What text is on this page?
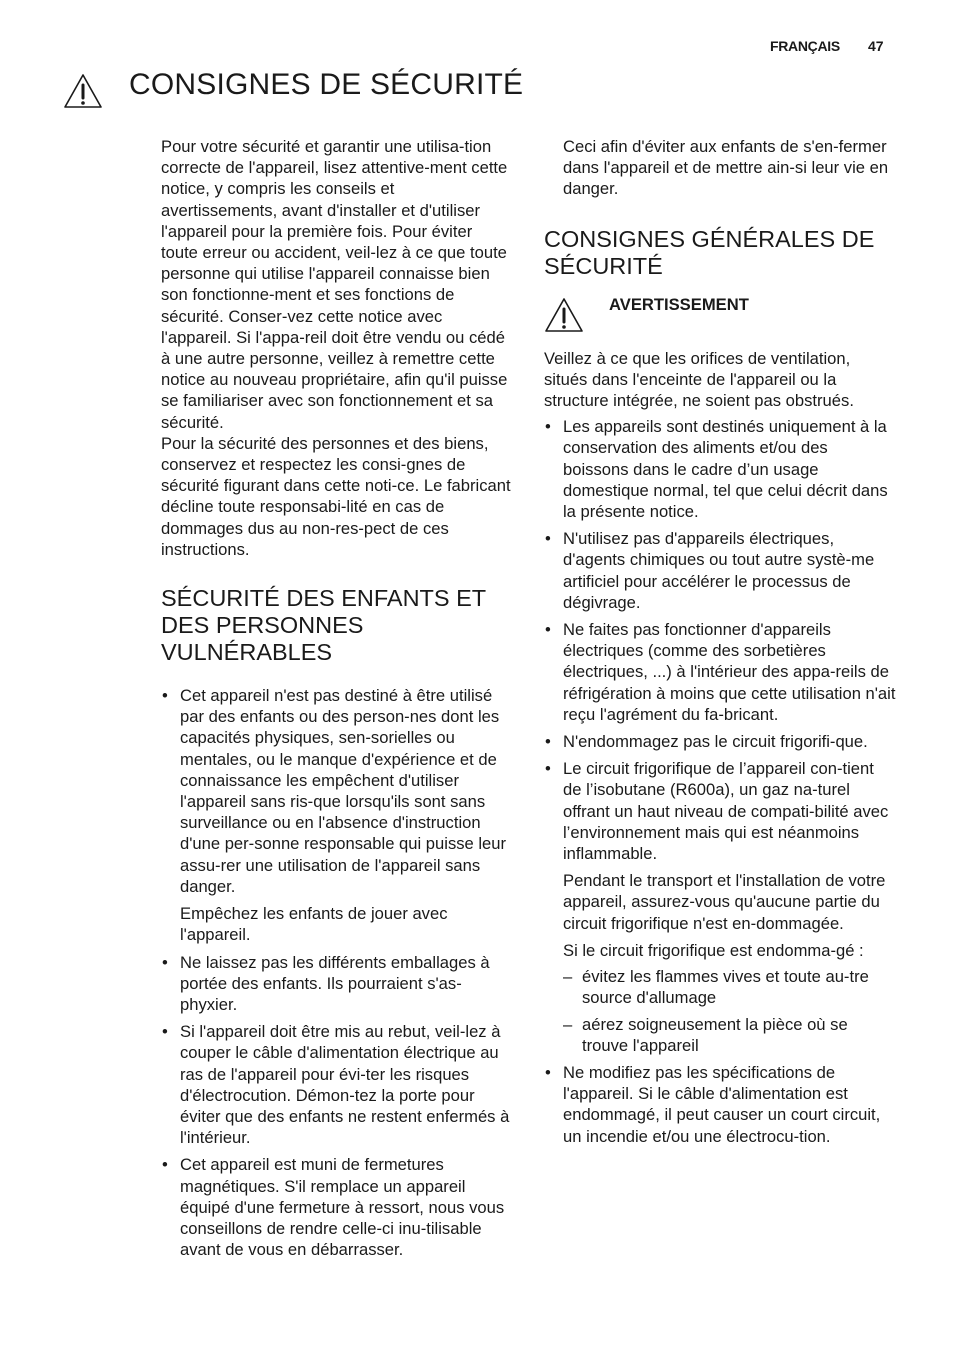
FRANÇAIS 47
CONSIGNES DE SÉCURITÉ

Pour votre sécurité et garantir une utilisa-tion correcte de l'appareil, lisez attentive-ment cette notice, y compris les conseils et avertissements, avant d'installer et d'utiliser l'appareil pour la première fois. Pour éviter toute erreur ou accident, veil-lez à ce que toute personne qui utilise l'appareil connaisse bien son fonctionne-ment et ses fonctions de sécurité. Conser-vez cette notice avec l'appareil. Si l'appa-reil doit être vendu ou cédé à une autre personne, veillez à remettre cette notice au nouveau propriétaire, afin qu'il puisse se familiariser avec son fonctionnement et sa sécurité.

Pour la sécurité des personnes et des biens, conservez et respectez les consi-gnes de sécurité figurant dans cette noti-ce. Le fabricant décline toute responsabi-lité en cas de dommages dus au non-res-pect de ces instructions.

SÉCURITÉ DES ENFANTS ET DES PERSONNES VULNÉRABLES

• Cet appareil n'est pas destiné à être utilisé par des enfants ou des person-nes dont les capacités physiques, sen-sorielles ou mentales, ou le manque d'expérience et de connaissance les empêchent d'utiliser l'appareil sans ris-que lorsqu'ils sont sans surveillance ou en l'absence d'instruction d'une per-sonne responsable qui puisse leur assu-rer une utilisation de l'appareil sans danger.

Empêchez les enfants de jouer avec l'appareil.

• Ne laissez pas les différents emballages à portée des enfants. Ils pourraient s'as-phyxier.

• Si l'appareil doit être mis au rebut, veil-lez à couper le câble d'alimentation électrique au ras de l'appareil pour évi-ter les risques d'électrocution. Démon-tez la porte pour éviter que des enfants ne restent enfermés à l'intérieur.

• Cet appareil est muni de fermetures magnétiques. S'il remplace un appareil équipé d'une fermeture à ressort, nous vous conseillons de rendre celle-ci inu-tilisable avant de vous en débarrasser.

Ceci afin d'éviter aux enfants de s'en-fermer dans l'appareil et de mettre ain-si leur vie en danger.

CONSIGNES GÉNÉRALES DE SÉCURITÉ
AVERTISSEMENT

Veillez à ce que les orifices de ventilation, situés dans l'enceinte de l'appareil ou la structure intégrée, ne soient pas obstrués.

• Les appareils sont destinés uniquement à la conservation des aliments et/ou des boissons dans le cadre d’un usage domestique normal, tel que celui décrit dans la présente notice.

• N'utilisez pas d'appareils électriques, d'agents chimiques ou tout autre systè-me artificiel pour accélérer le processus de dégivrage.

• Ne faites pas fonctionner d'appareils électriques (comme des sorbetières électriques, ...) à l'intérieur des appa-reils de réfrigération à moins que cette utilisation n'ait reçu l'agrément du fa-bricant.

• N'endommagez pas le circuit frigorifi-que.

• Le circuit frigorifique de l’appareil con-tient de l’isobutane (R600a), un gaz na-turel offrant un haut niveau de compati-bilité avec l’environnement mais qui est néanmoins inflammable.

Pendant le transport et l'installation de votre appareil, assurez-vous qu'aucune partie du circuit frigorifique n'est en-dommagée.

Si le circuit frigorifique est endomma-gé :

– évitez les flammes vives et toute au-tre source d'allumage
– aérez soigneusement la pièce où se trouve l'appareil

• Ne modifiez pas les spécifications de l'appareil. Si le câble d'alimentation est endommagé, il peut causer un court circuit, un incendie et/ou une électrocu-tion.
